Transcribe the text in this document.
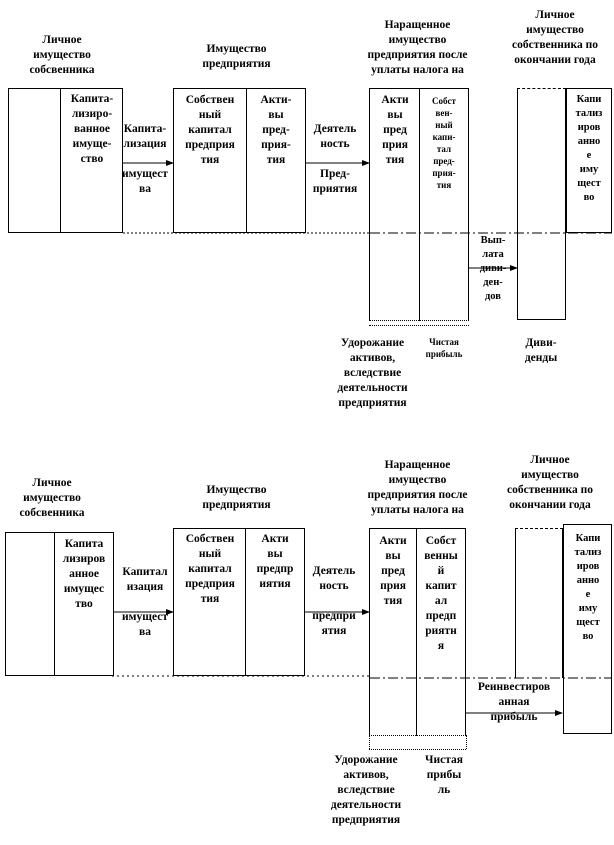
Личное
имущество
собсвенника
Имущество
предприятия
Наращенное
имущество
предприятия после
уплаты налога на
Личное
имущество
собственника по
окончании года
Капита-
лизиро-
ванное
имуще-
ство
Капита-
лизация

имущест
ва
Собствен
ный
капитал
предприя
тия
Акти-
вы
пред-
прия-
тия
Деятель
ность

Пред-
приятия
Акти
вы
пред
прия
тия
Собст
вен-
ный
капи-
тал
пред-
прия-
тия
Вып-
лата
диви-
ден-
дов
Капи
тализ
иров
анно
е
иму
щест
во
Удорожание
активов,
вследствие
деятельности
предприятия
Чистая
прибыль
Диви-
денды
Личное
имущество
собсвенника
Имущество
предприятия
Наращенное
имущество
предприятия после
уплаты налога на
Личное
имущество
собственника по
окончании года
Капита
лизиров
анное
имущес
тво
Капитал
изация

имущест
ва
Собствен
ный
капитал
предприя
тия
Акти
вы
предпр
иятия
Деятель
ность

предпри
ятия
Акти
вы
пред
прия
тия
Собст
венны
й
капит
ал
предп
риятн
я
Реинвестиров
анная
прибыль
Капи
тализ
иров
анно
е
иму
щест
во
Удорожание
активов,
вследствие
деятельности
предприятия
Чистая
прибы
ль
